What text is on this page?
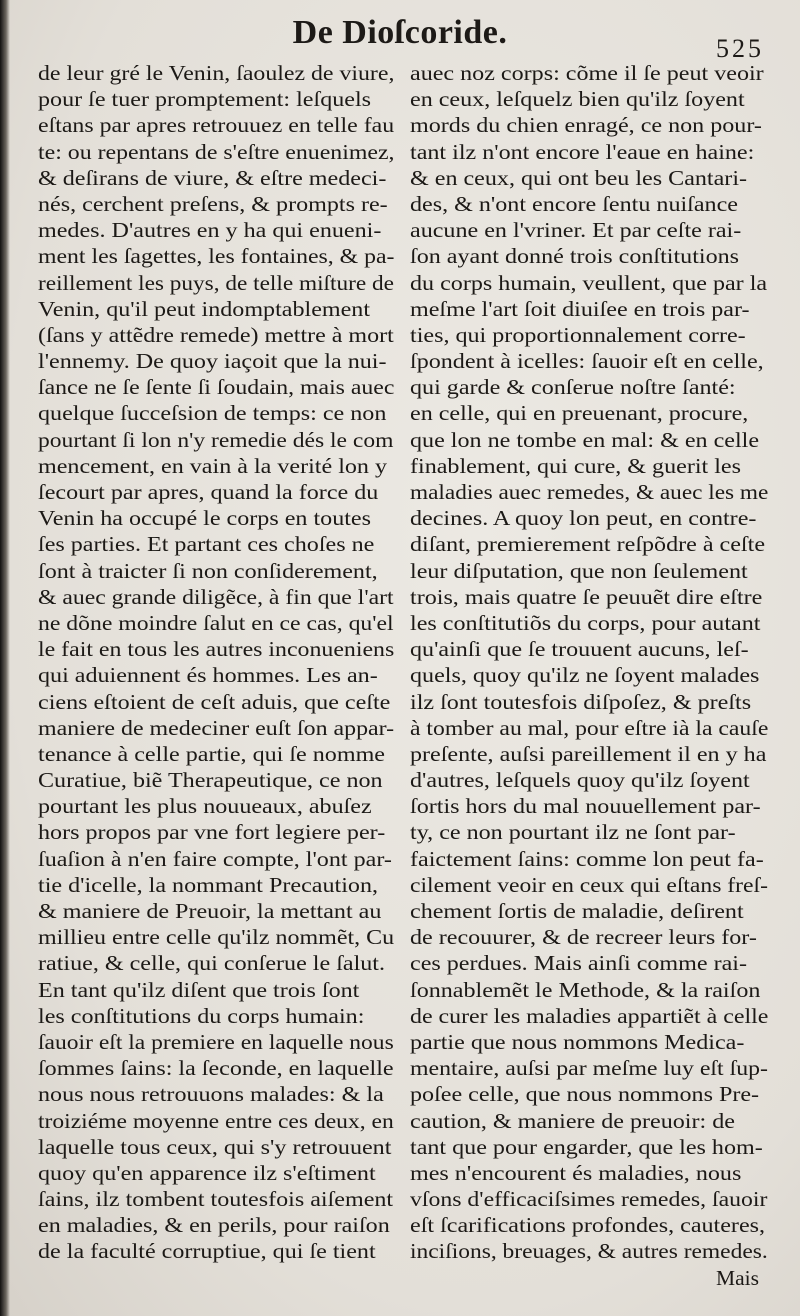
De Dioſcoride.	525
de leur gré le Venin, ſaoulez de viure,
pour ſe tuer promptement: leſquels
eſtans par apres retrouuez en telle fau
te: ou repentans de s'eſtre enuenimez,
& deſirans de viure, & eſtre medeci-
nés, cerchent preſens, & prompts re-
medes. D'autres en y ha qui enueni-
ment les ſagettes, les fontaines, & pa-
reillement les puys, de telle miſture de
Venin, qu'il peut indomptablement
(ſans y attẽdre remede) mettre à mort
l'ennemy. De quoy iaçoit que la nui-
ſance ne ſe ſente ſi ſoudain, mais auec
quelque ſucceſsion de temps: ce non
pourtant ſi lon n'y remedie dés le com
mencement, en vain à la verité lon y
ſecourt par apres, quand la force du
Venin ha occupé le corps en toutes
ſes parties. Et partant ces choſes ne
ſont à traicter ſi non conſiderement,
& auec grande diligẽce, à fin que l'art
ne dõne moindre ſalut en ce cas, qu'el
le fait en tous les autres inconueniens
qui aduiennent és hommes. Les an-
ciens eſtoient de ceſt aduis, que ceſte
maniere de medeciner euſt ſon appar-
tenance à celle partie, qui ſe nomme
Curatiue, biẽ Therapeutique, ce non
pourtant les plus nouueaux, abuſez
hors propos par vne fort legiere per-
ſuaſion à n'en faire compte, l'ont par-
tie d'icelle, la nommant Precaution,
& maniere de Preuoir, la mettant au
millieu entre celle qu'ilz nommẽt, Cu
ratiue, & celle, qui conſerue le ſalut.
En tant qu'ilz diſent que trois ſont
les conſtitutions du corps humain:
ſauoir eſt la premiere en laquelle nous
ſommes ſains: la ſeconde, en laquelle
nous nous retrouuons malades: & la
troiziéme moyenne entre ces deux, en
laquelle tous ceux, qui s'y retrouuent
quoy qu'en apparence ilz s'eſtiment
ſains, ilz tombent toutesfois aiſement
en maladies, & en perils, pour raiſon
de la faculté corruptiue, qui ſe tient
auec noz corps: cõme il ſe peut veoir
en ceux, leſquelz bien qu'ilz ſoyent
mords du chien enragé, ce non pour-
tant ilz n'ont encore l'eaue en haine:
& en ceux, qui ont beu les Cantari-
des, & n'ont encore ſentu nuiſance
aucune en l'vriner. Et par ceſte rai-
ſon ayant donné trois conſtitutions
du corps humain, veullent, que par la
meſme l'art ſoit diuiſee en trois par-
ties, qui proportionnalement corre-
ſpondent à icelles: ſauoir eſt en celle,
qui garde & conſerue noſtre ſanté:
en celle, qui en preuenant, procure,
que lon ne tombe en mal: & en celle
finablement, qui cure, & guerit les
maladies auec remedes, & auec les me
decines. A quoy lon peut, en contre-
diſant, premierement reſpõdre à ceſte
leur diſputation, que non ſeulement
trois, mais quatre ſe peuuẽt dire eſtre
les conſtitutiõs du corps, pour autant
qu'ainſi que ſe trouuent aucuns, leſ-
quels, quoy qu'ilz ne ſoyent malades
ilz ſont toutesfois diſpoſez, & preſts
à tomber au mal, pour eſtre ià la cauſe
preſente, auſsi pareillement il en y ha
d'autres, leſquels quoy qu'ilz ſoyent
ſortis hors du mal nouuellement par-
ty, ce non pourtant ilz ne ſont par-
faictement ſains: comme lon peut fa-
cilement veoir en ceux qui eſtans freſ-
chement ſortis de maladie, deſirent
de recouurer, & de recreer leurs for-
ces perdues. Mais ainſi comme rai-
ſonnablemẽt le Methode, & la raiſon
de curer les maladies appartiẽt à celle
partie que nous nommons Medica-
mentaire, auſsi par meſme luy eſt ſup-
poſee celle, que nous nommons Pre-
caution, & maniere de preuoir: de
tant que pour engarder, que les hom-
mes n'encourent és maladies, nous
vſons d'efficaciſsimes remedes, ſauoir
eſt ſcarifications profondes, cauteres,
inciſions, breuages, & autres remedes.
Mais
